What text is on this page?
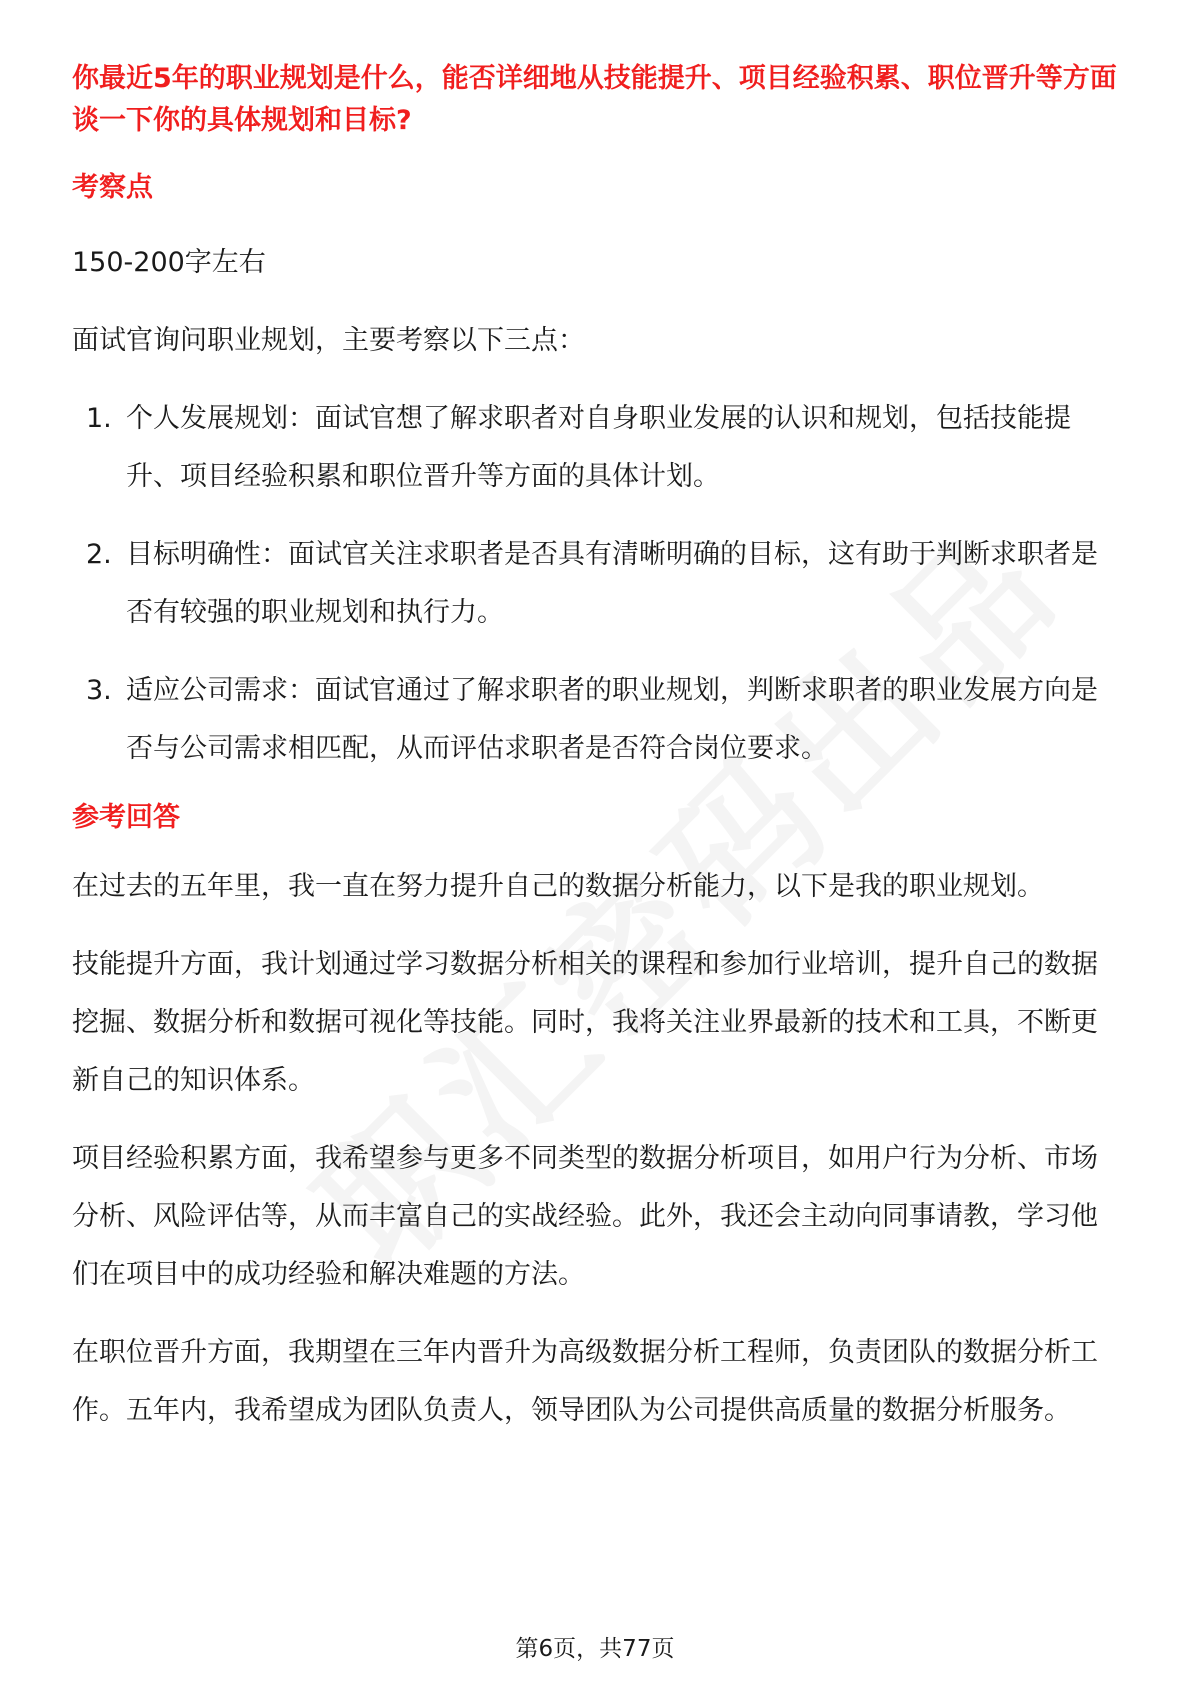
你最近5年的职业规划是什么，能否详细地从技能提升、项目经验积累、职位晋升等方面谈一下你的具体规划和目标?

考察点

150-200字左右

面试官询问职业规划，主要考察以下三点：

1. 个人发展规划：面试官想了解求职者对自身职业发展的认识和规划，包括技能提升、项目经验积累和职位晋升等方面的具体计划。
2. 目标明确性：面试官关注求职者是否具有清晰明确的目标，这有助于判断求职者是否有较强的职业规划和执行力。
3. 适应公司需求：面试官通过了解求职者的职业规划，判断求职者的职业发展方向是否与公司需求相匹配，从而评估求职者是否符合岗位要求。

参考回答

在过去的五年里，我一直在努力提升自己的数据分析能力，以下是我的职业规划。

技能提升方面，我计划通过学习数据分析相关的课程和参加行业培训，提升自己的数据挖掘、数据分析和数据可视化等技能。同时，我将关注业界最新的技术和工具，不断更新自己的知识体系。

项目经验积累方面，我希望参与更多不同类型的数据分析项目，如用户行为分析、市场分析、风险评估等，从而丰富自己的实战经验。此外，我还会主动向同事请教，学习他们在项目中的成功经验和解决难题的方法。

在职位晋升方面，我期望在三年内晋升为高级数据分析工程师，负责团队的数据分析工作。五年内，我希望成为团队负责人，领导团队为公司提供高质量的数据分析服务。

第6页，共77页
